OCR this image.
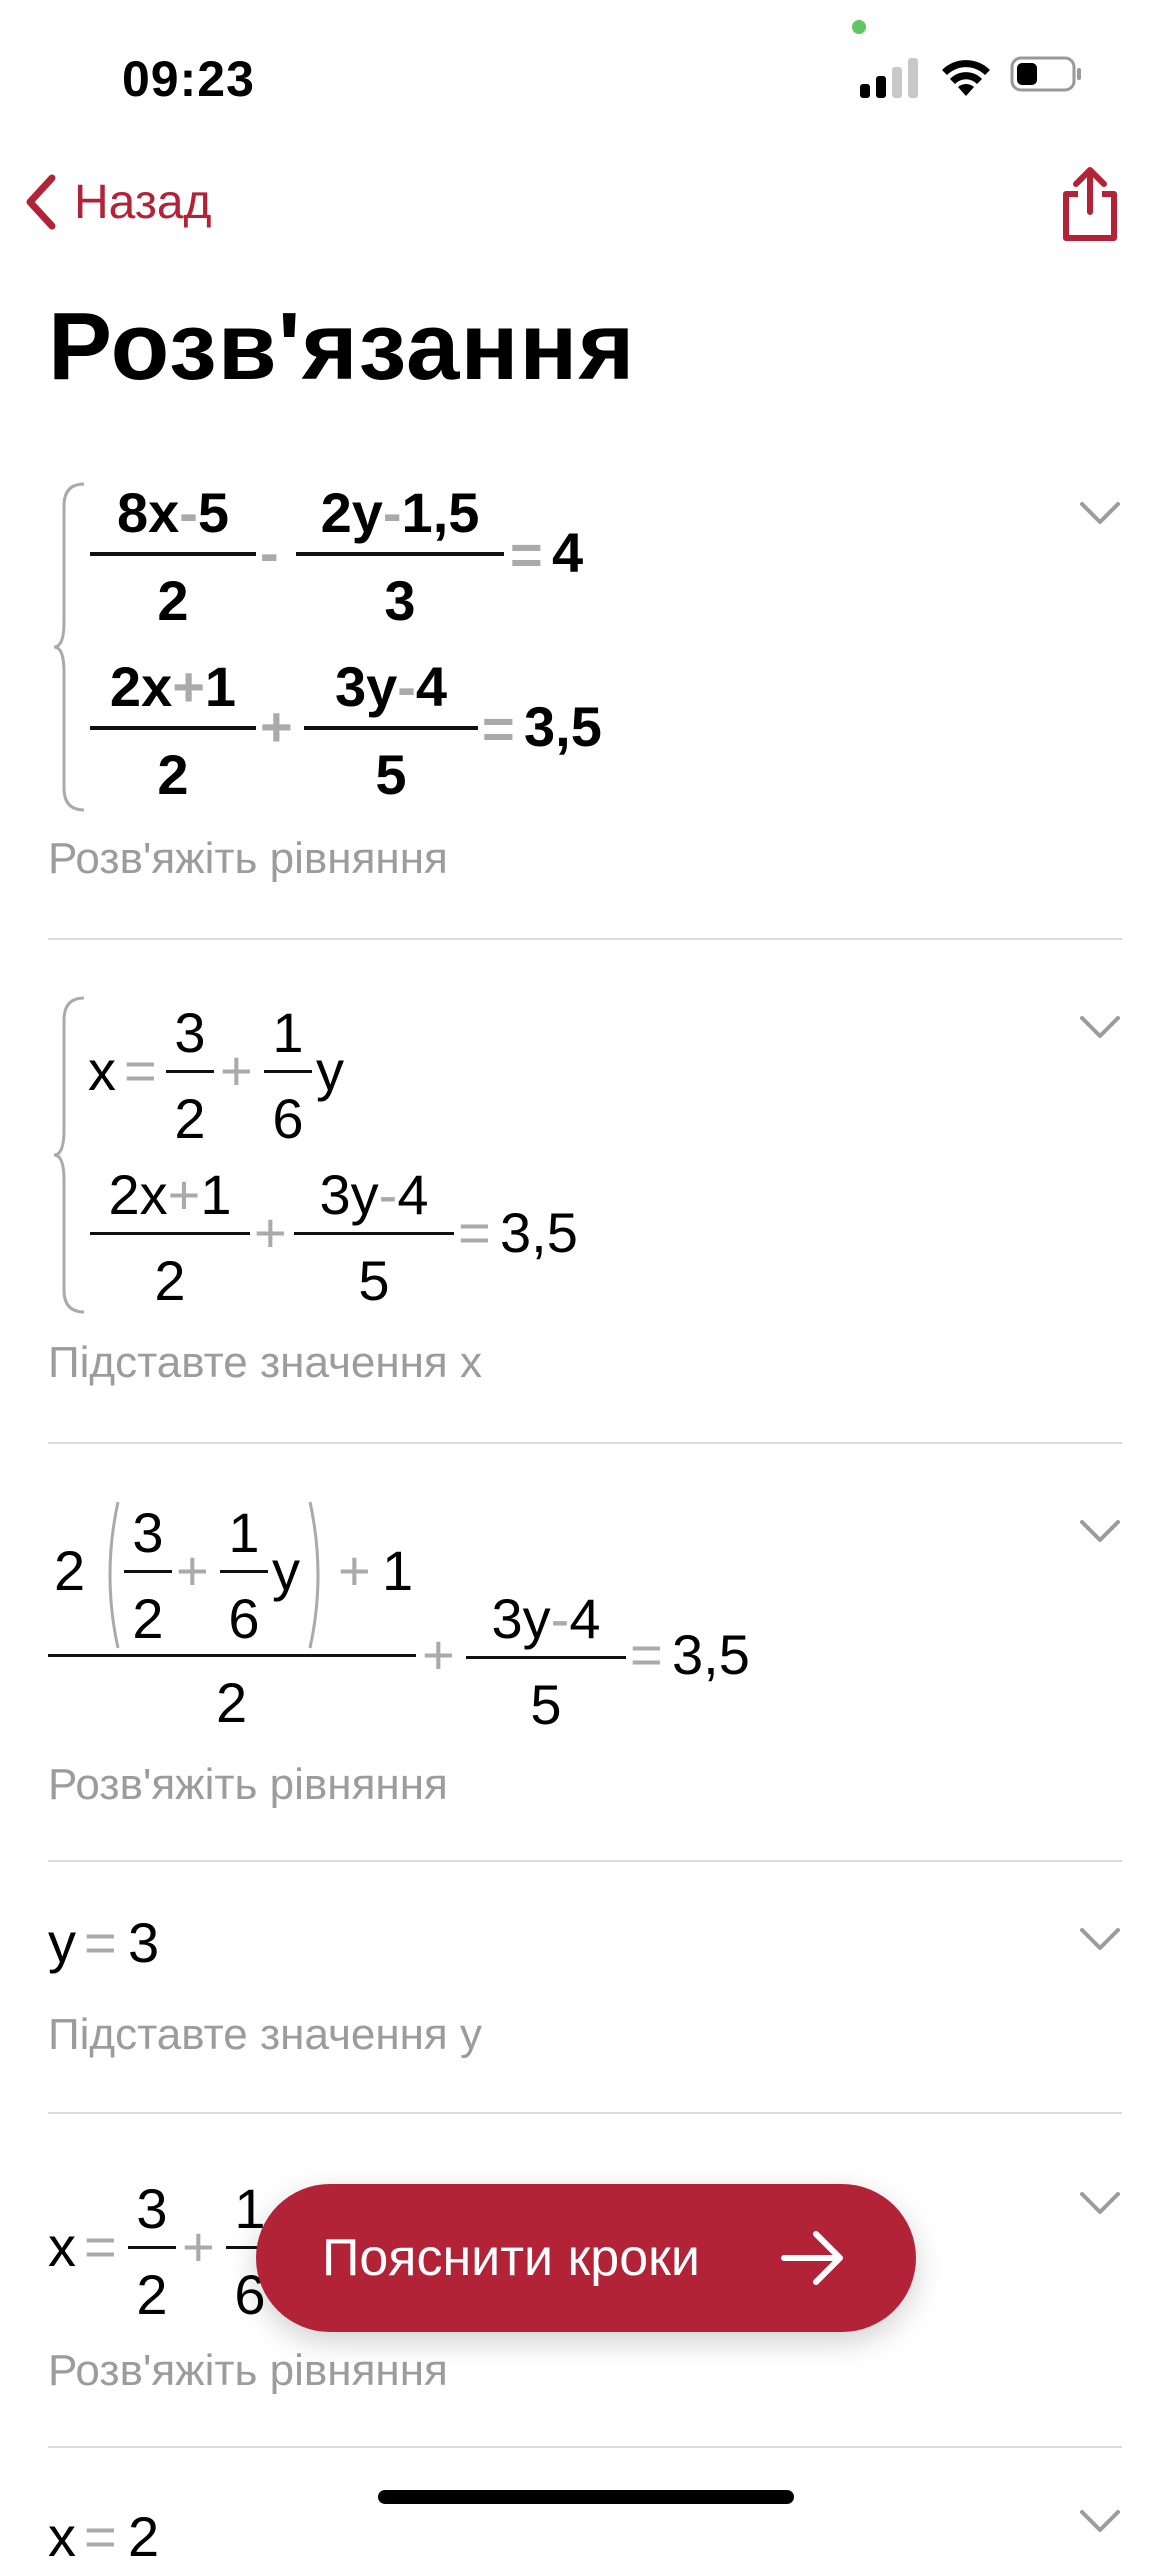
09:23
Назад
Розв'язання
8x-5
2
-
2y-1,5
3
= 4
2x+1
2
+
3y-4
5
= 3,5
Розв'яжіть рівняння
x =
3
2
+
1
6
y
2x+1
2
+
3y-4
5
= 3,5
Підставте значення x
2
3
2
+
1
6
y + 1
2
+
3y-4
5
= 3,5
Розв'яжіть рівняння
y = 3
Підставте значення y
x =
3
2
+
1
6
Розв'яжіть рівняння
x = 2
Пояснити кроки
